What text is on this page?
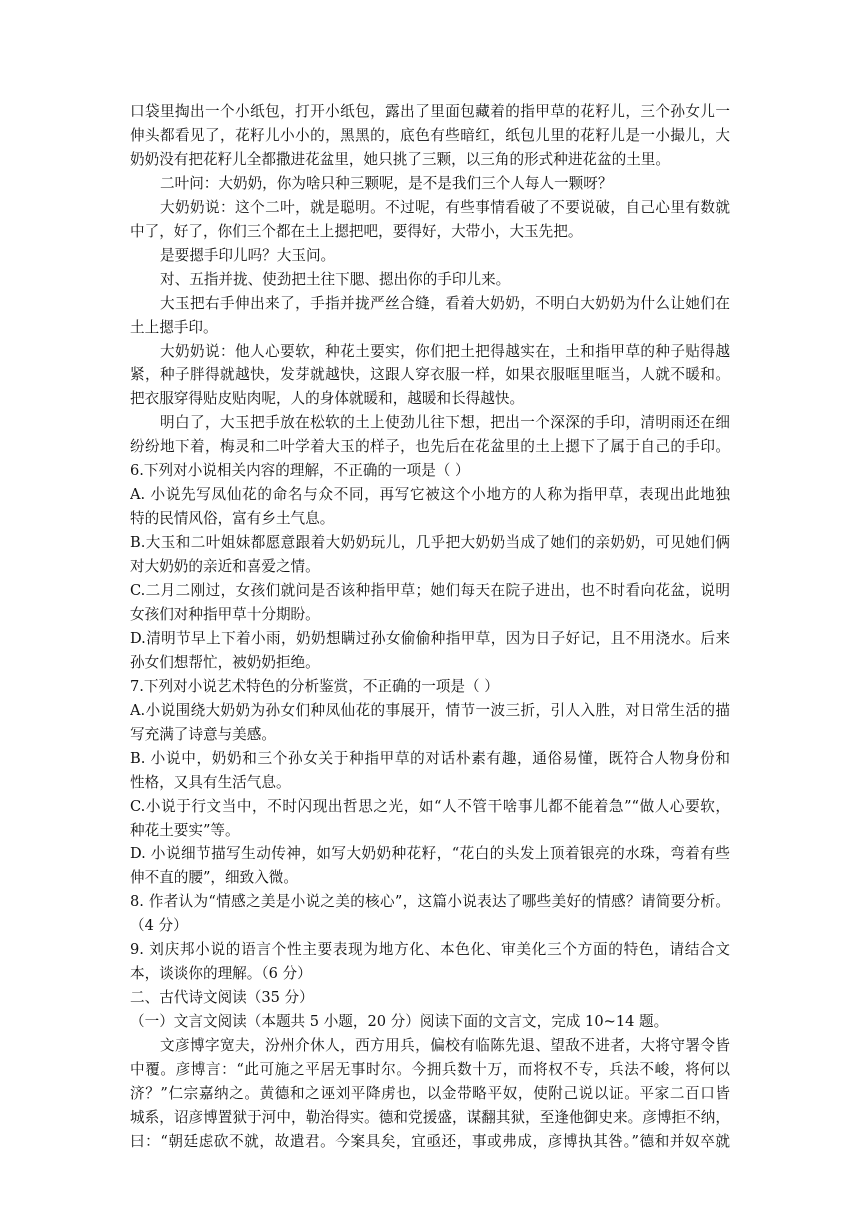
口袋里掏出一个小纸包，打开小纸包，露出了里面包藏着的指甲草的花籽儿，三个孙女儿一
伸头都看见了，花籽儿小小的，黑黑的，底色有些暗红，纸包儿里的花籽儿是一小撮儿，大
奶奶没有把花籽儿全都撒进花盆里，她只挑了三颗，以三角的形式种进花盆的土里。
二叶问：大奶奶，你为啥只种三颗呢，是不是我们三个人每人一颗呀？
大奶奶说：这个二叶，就是聪明。不过呢，有些事情看破了不要说破，自己心里有数就
中了，好了，你们三个都在土上摁把吧，要得好，大带小，大玉先把。
是要摁手印儿吗？大玉问。
对、五指并拢、使劲把土往下腮、摁出你的手印儿来。
大玉把右手伸出来了，手指并拢严丝合缝，看着大奶奶，不明白大奶奶为什么让她们在
土上摁手印。
大奶奶说：他人心要软，种花土要实，你们把土把得越实在，土和指甲草的种子贴得越
紧，种子胖得就越快，发芽就越快，这跟人穿衣服一样，如果衣服哐里哐当，人就不暖和。
把衣服穿得贴皮贴肉呢，人的身体就暖和，越暖和长得越快。
明白了，大玉把手放在松软的土上使劲儿往下想，把出一个深深的手印，清明雨还在细
纷纷地下着，梅灵和二叶学着大玉的样子，也先后在花盆里的土上摁下了属于自己的手印。
6.下列对小说相关内容的理解，不正确的一项是（ ）
A. 小说先写凤仙花的命名与众不同，再写它被这个小地方的人称为指甲草，表现出此地独
特的民情风俗，富有乡土气息。
B.大玉和二叶姐妹都愿意跟着大奶奶玩儿，几乎把大奶奶当成了她们的亲奶奶，可见她们俩
对大奶奶的亲近和喜爱之情。
C.二月二刚过，女孩们就问是否该种指甲草；她们每天在院子进出，也不时看向花盆，说明
女孩们对种指甲草十分期盼。
D.清明节早上下着小雨，奶奶想瞒过孙女偷偷种指甲草，因为日子好记，且不用浇水。后来
孙女们想帮忙，被奶奶拒绝。
7.下列对小说艺术特色的分析鉴赏，不正确的一项是（ ）
A.小说围绕大奶奶为孙女们种凤仙花的事展开，情节一波三折，引人入胜，对日常生活的描
写充满了诗意与美感。
B. 小说中，奶奶和三个孙女关于种指甲草的对话朴素有趣，通俗易懂，既符合人物身份和
性格，又具有生活气息。
C.小说于行文当中，不时闪现出哲思之光，如“人不管干啥事儿都不能着急”“做人心要软，
种花土要实”等。
D. 小说细节描写生动传神，如写大奶奶种花籽，“花白的头发上顶着银亮的水珠，弯着有些
伸不直的腰”，细致入微。
8. 作者认为“情感之美是小说之美的核心”，这篇小说表达了哪些美好的情感？请简要分析。
（4 分）
9. 刘庆邦小说的语言个性主要表现为地方化、本色化、审美化三个方面的特色，请结合文
本，谈谈你的理解。（6 分）
二、古代诗文阅读（35 分）
（一）文言文阅读（本题共 5 小题，20 分）阅读下面的文言文，完成 10~14 题。
文彦博字宽夫，汾州介休人，西方用兵，偏校有临陈先退、望敌不进者，大将守署令皆
中覆。彦博言：“此可施之平居无事时尔。今拥兵数十万，而将权不专，兵法不峻，将何以
济？”仁宗嘉纳之。黄德和之诬刘平降虏也，以金带略平奴，使附己说以证。平家二百口皆
城系，诏彦博置狱于河中，勒治得实。德和党援盛，谋翻其狱，至逢他御史来。彦博拒不纳，
曰：“朝廷虑砍不就，故遣君。今案具矣，宜亟还，事或弗成，彦博执其咎。”德和并奴卒就
